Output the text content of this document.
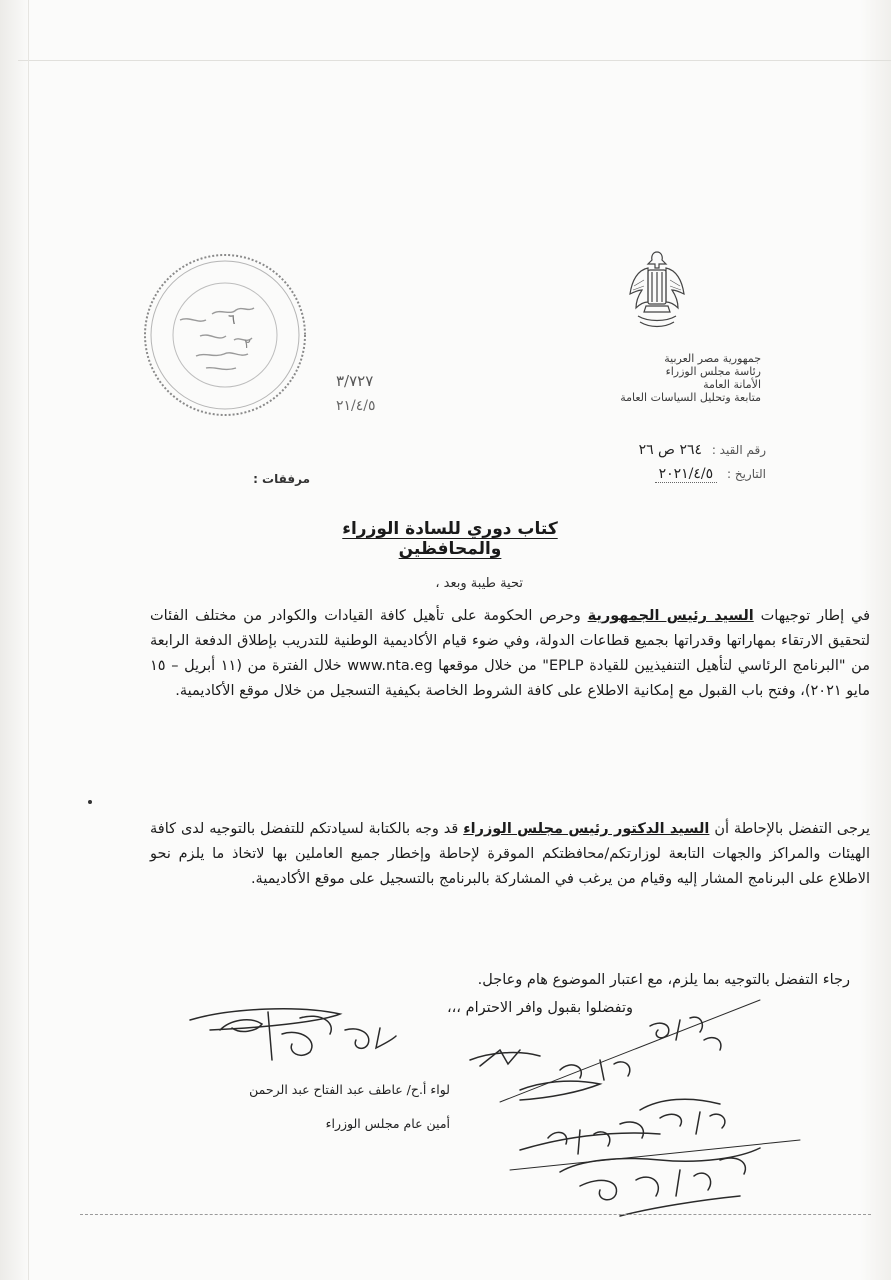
جمهورية مصر العربية
رئاسة مجلس الوزراء
الأمانة العامة
متابعة وتحليل السياسات العامة
٦
٢
٣/٧٢٧
٢١/٤/٥
رقم القيد : ٢٦٤ ص ٢٦
التاريخ : ٢٠٢١/٤/٥
مرفقات :
كتاب دوري للسادة الوزراء والمحافظين
تحية طيبة وبعد ،
في إطار توجيهات السيد رئيس الجمهورية وحرص الحكومة على تأهيل كافة القيادات والكوادر من مختلف الفئات لتحقيق الارتقاء بمهاراتها وقدراتها بجميع قطاعات الدولة، وفي ضوء قيام الأكاديمية الوطنية للتدريب بإطلاق الدفعة الرابعة من "البرنامج الرئاسي لتأهيل التنفيذيين للقيادة EPLP" من خلال موقعها www.nta.eg خلال الفترة من (١١ أبريل – ١٥ مايو ٢٠٢١)، وفتح باب القبول مع إمكانية الاطلاع على كافة الشروط الخاصة بكيفية التسجيل من خلال موقع الأكاديمية.
يرجى التفضل بالإحاطة أن السيد الدكتور رئيس مجلس الوزراء قد وجه بالكتابة لسيادتكم للتفضل بالتوجيه لدى كافة الهيئات والمراكز والجهات التابعة لوزارتكم/محافظتكم الموقرة لإحاطة وإخطار جميع العاملين بها لاتخاذ ما يلزم نحو الاطلاع على البرنامج المشار إليه وقيام من يرغب في المشاركة بالبرنامج بالتسجيل على موقع الأكاديمية.
رجاء التفضل بالتوجيه بما يلزم، مع اعتبار الموضوع هام وعاجل.
وتفضلوا بقبول وافر الاحترام ،،،
لواء أ.ح/ عاطف عبد الفتاح عبد الرحمن
أمين عام مجلس الوزراء
